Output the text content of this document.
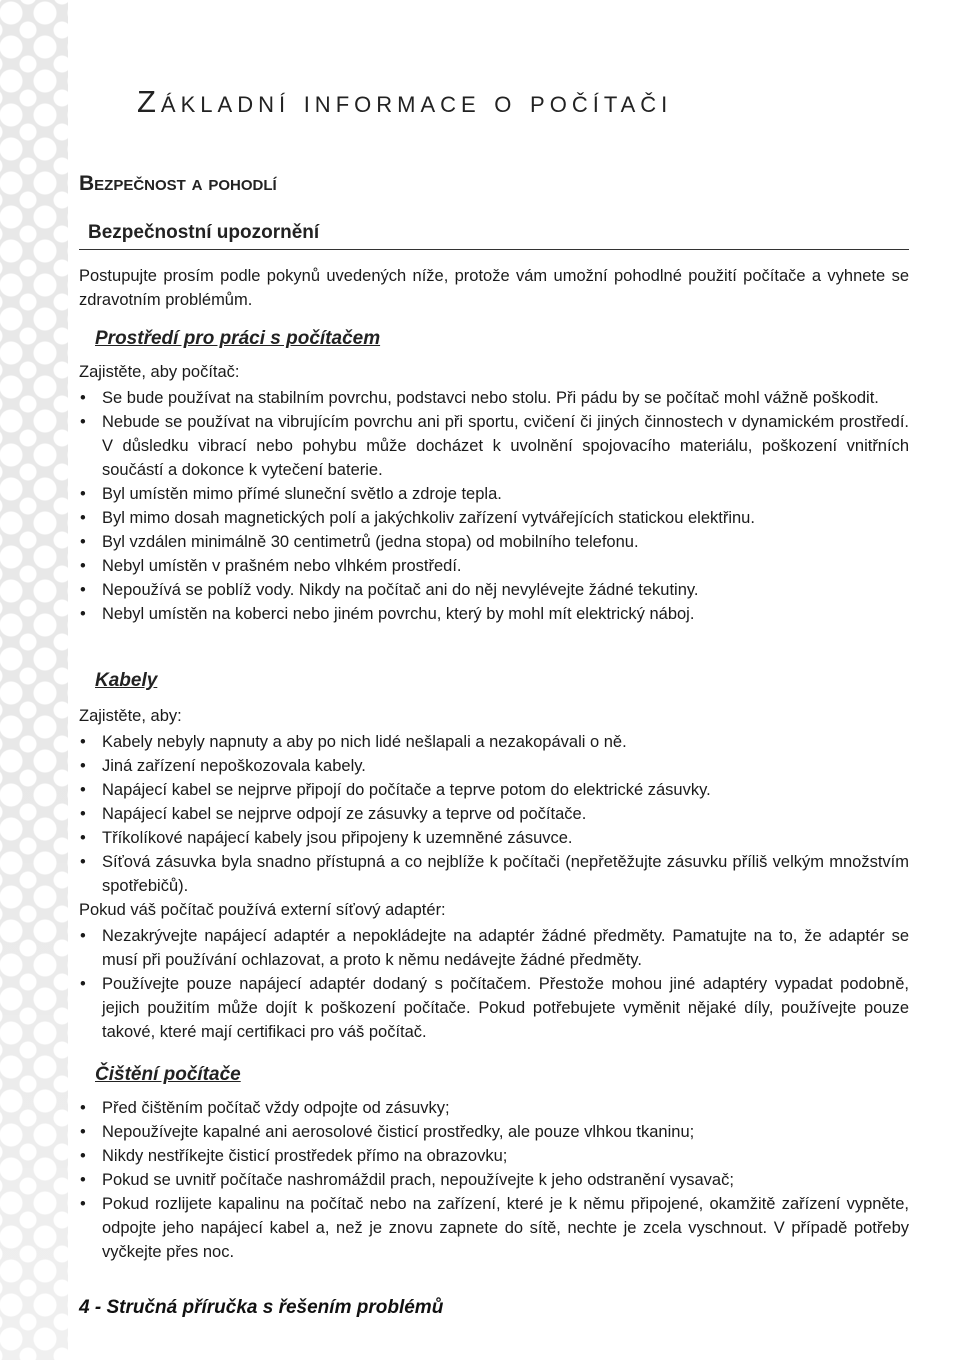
Základní informace o počítači
Bezpečnost a pohodlí
Bezpečnostní upozornění

Postupujte prosím podle pokynů uvedených níže, protože vám umožní pohodlné použití počítače a vyhnete se zdravotním problémům.

Prostředí pro práci s počítačem

Zajistěte, aby počítač:

• Se bude používat na stabilním povrchu, podstavci nebo stolu. Při pádu by se počítač mohl vážně poškodit.
• Nebude se používat na vibrujícím povrchu ani při sportu, cvičení či jiných činnostech v dynamickém prostředí. V důsledku vibrací nebo pohybu může docházet k uvolnění spojovacího materiálu, poškození vnitřních součástí a dokonce k vytečení baterie.
• Byl umístěn mimo přímé sluneční světlo a zdroje tepla.
• Byl mimo dosah magnetických polí a jakýchkoliv zařízení vytvářejících statickou elektřinu.
• Byl vzdálen minimálně 30 centimetrů (jedna stopa) od mobilního telefonu.
• Nebyl umístěn v prašném nebo vlhkém prostředí.
• Nepoužívá se poblíž vody. Nikdy na počítač ani do něj nevylévejte žádné tekutiny.
• Nebyl umístěn na koberci nebo jiném povrchu, který by mohl mít elektrický náboj.
Kabely

Zajistěte, aby:

• Kabely nebyly napnuty a aby po nich lidé nešlapali a nezakopávali o ně.
• Jiná zařízení nepoškozovala kabely.
• Napájecí kabel se nejprve připojí do počítače a teprve potom do elektrické zásuvky.
• Napájecí kabel se nejprve odpojí ze zásuvky a teprve od počítače.
• Tříkolíkové napájecí kabely jsou připojeny k uzemněné zásuvce.
• Síťová zásuvka byla snadno přístupná a co nejblíže k počítači (nepřetěžujte zásuvku příliš velkým množstvím spotřebičů).

Pokud váš počítač používá externí síťový adaptér:

• Nezakrývejte napájecí adaptér a nepokládejte na adaptér žádné předměty. Pamatujte na to, že adaptér se musí při používání ochlazovat, a proto k němu nedávejte žádné předměty.
• Používejte pouze napájecí adaptér dodaný s počítačem. Přestože mohou jiné adaptéry vypadat podobně, jejich použitím může dojít k poškození počítače. Pokud potřebujete vyměnit nějaké díly, používejte pouze takové, které mají certifikaci pro váš počítač.
Čištění počítače
• Před čištěním počítač vždy odpojte od zásuvky;
• Nepoužívejte kapalné ani aerosolové čisticí prostředky, ale pouze vlhkou tkaninu;
• Nikdy nestříkejte čisticí prostředek přímo na obrazovku;
• Pokud se uvnitř počítače nashromáždil prach, nepoužívejte k jeho odstranění vysavač;
• Pokud rozlijete kapalinu na počítač nebo na zařízení, které je k němu připojené, okamžitě zařízení vypněte, odpojte jeho napájecí kabel a, než je znovu zapnete do sítě, nechte je zcela vyschnout. V případě potřeby vyčkejte přes noc.
4 - Stručná příručka s řešením problémů
